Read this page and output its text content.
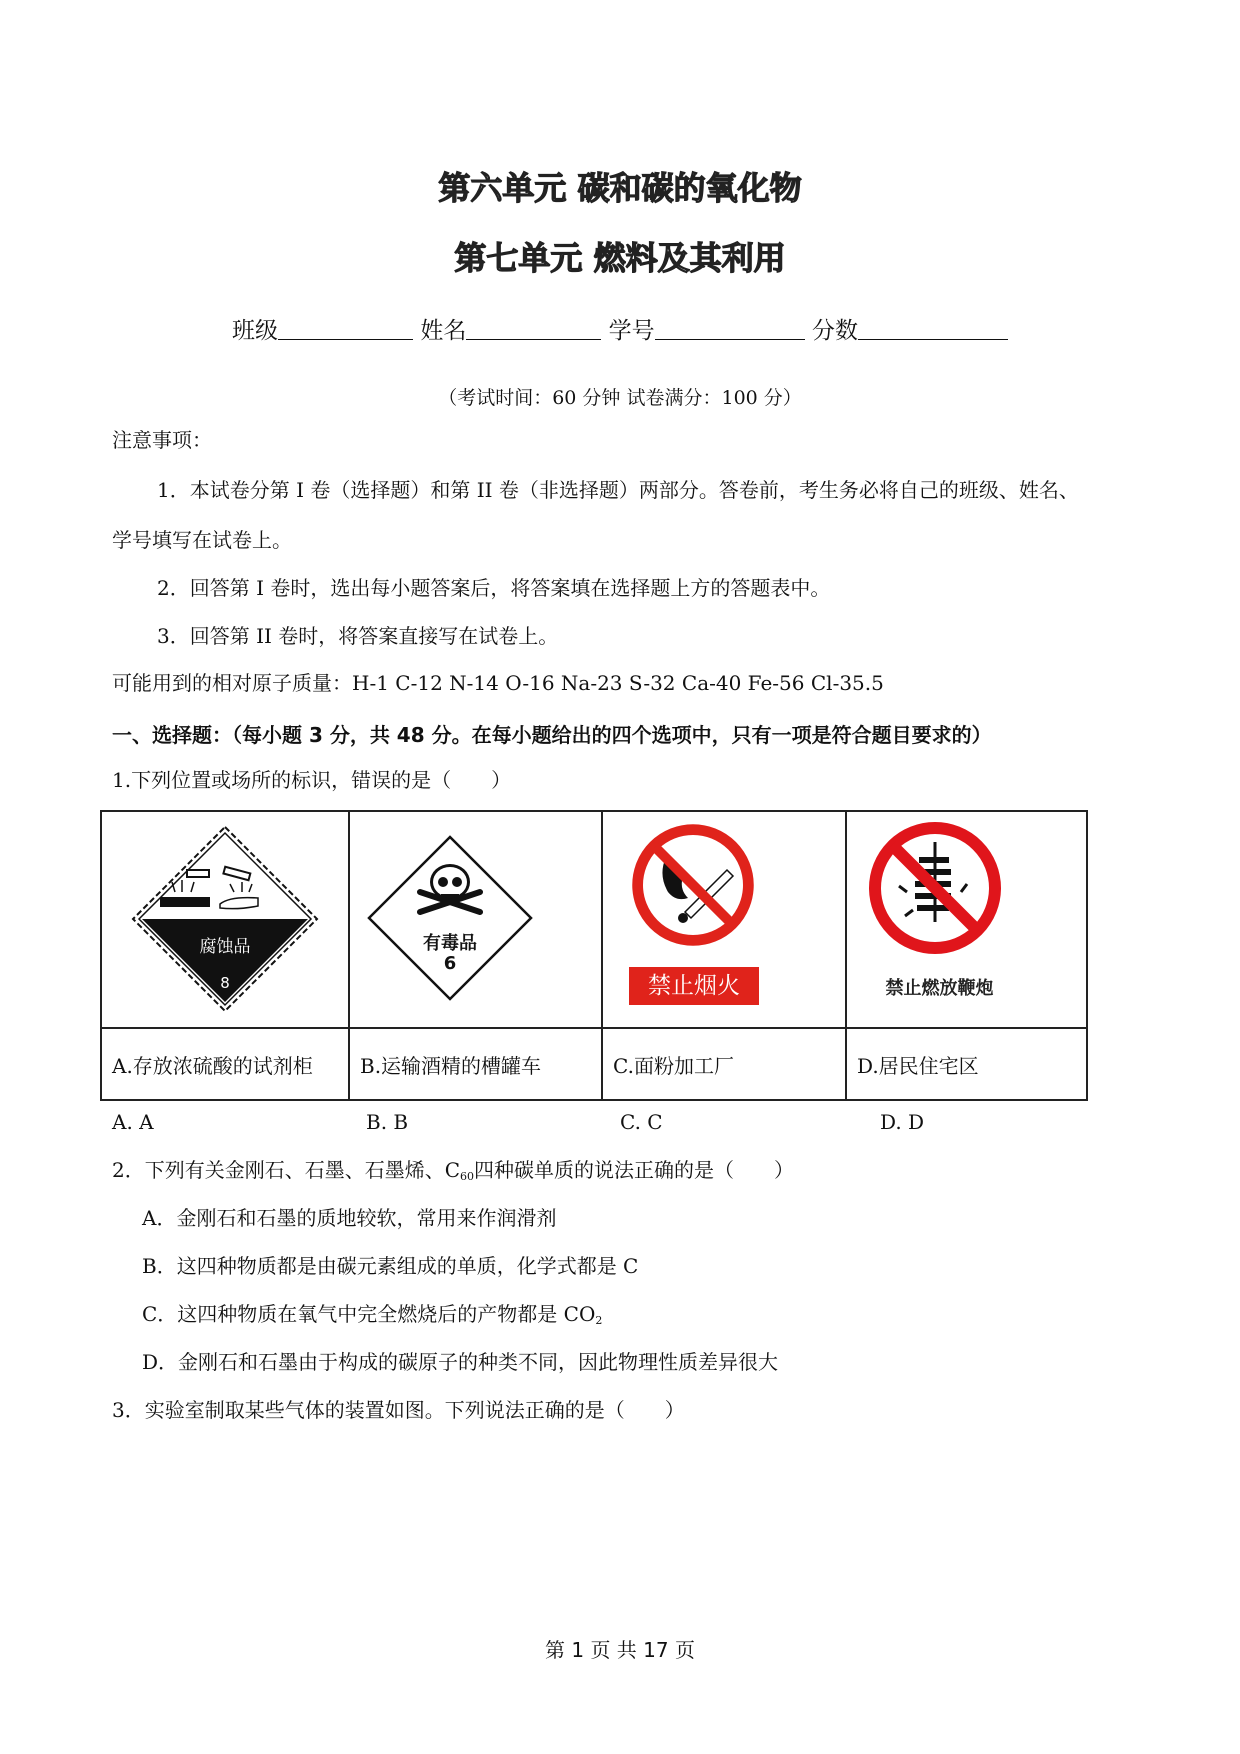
第六单元 碳和碳的氧化物
第七单元 燃料及其利用
班级	姓名	学号	分数
（考试时间：60 分钟 试卷满分：100 分）
注意事项：
1．本试卷分第 I 卷（选择题）和第 II 卷（非选择题）两部分。答卷前，考生务必将自己的班级、姓名、
学号填写在试卷上。
2．回答第 I 卷时，选出每小题答案后，将答案填在选择题上方的答题表中。
3．回答第 II 卷时，将答案直接写在试卷上。
可能用到的相对原子质量：H-1 C-12 N-14 O-16 Na-23 S-32 Ca-40 Fe-56 Cl-35.5
一、选择题：（每小题 3 分，共 48 分。在每小题给出的四个选项中，只有一项是符合题目要求的）
1.下列位置或场所的标识，错误的是（　　）
腐蚀品
8

有毒品
6

禁止烟火	禁止燃放鞭炮

A.存放浓硫酸的试剂柜	B.运输酒精的槽罐车	C.面粉加工厂	D.居民住宅区
A. A	B. B	C. C	D. D
2．下列有关金刚石、石墨、石墨烯、$C_{60}$四种碳单质的说法正确的是（　　）
A．金刚石和石墨的质地较软，常用来作润滑剂
B．这四种物质都是由碳元素组成的单质，化学式都是 C
C．这四种物质在氧气中完全燃烧后的产物都是 $CO_2$
D．金刚石和石墨由于构成的碳原子的种类不同，因此物理性质差异很大
3．实验室制取某些气体的装置如图。下列说法正确的是（　　）
第 1 页 共 17 页
